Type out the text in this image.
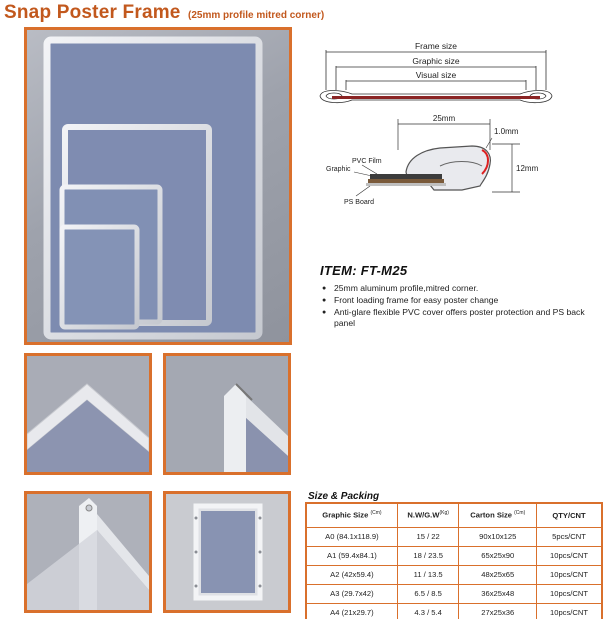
Snap Poster Frame (25mm profile mitred corner)
Frame size
Graphic size
Visual size
25mm
1.0mm
12mm
PVC Film
Graphic
PS Board
ITEM: FT-M25
● 25mm aluminum profile,mitred corner.
● Front loading frame for easy poster change
● Anti-glare flexible PVC cover offers poster protection and PS back panel
Size & Packing
Graphic Size $^{(Cm)}$	$N.W/G.W^{(Kg)}$	Carton Size $^{(Cm)}$	QTY/CNT
A0 (84.1x118.9)	15 / 22	90x10x125	5pcs/CNT
A1 (59.4x84.1)	18 / 23.5	65x25x90	10pcs/CNT
A2 (42x59.4)	11 / 13.5	48x25x65	10pcs/CNT
A3 (29.7x42)	6.5 / 8.5	36x25x48	10pcs/CNT
A4 (21x29.7)	4.3 / 5.4	27x25x36	10pcs/CNT
